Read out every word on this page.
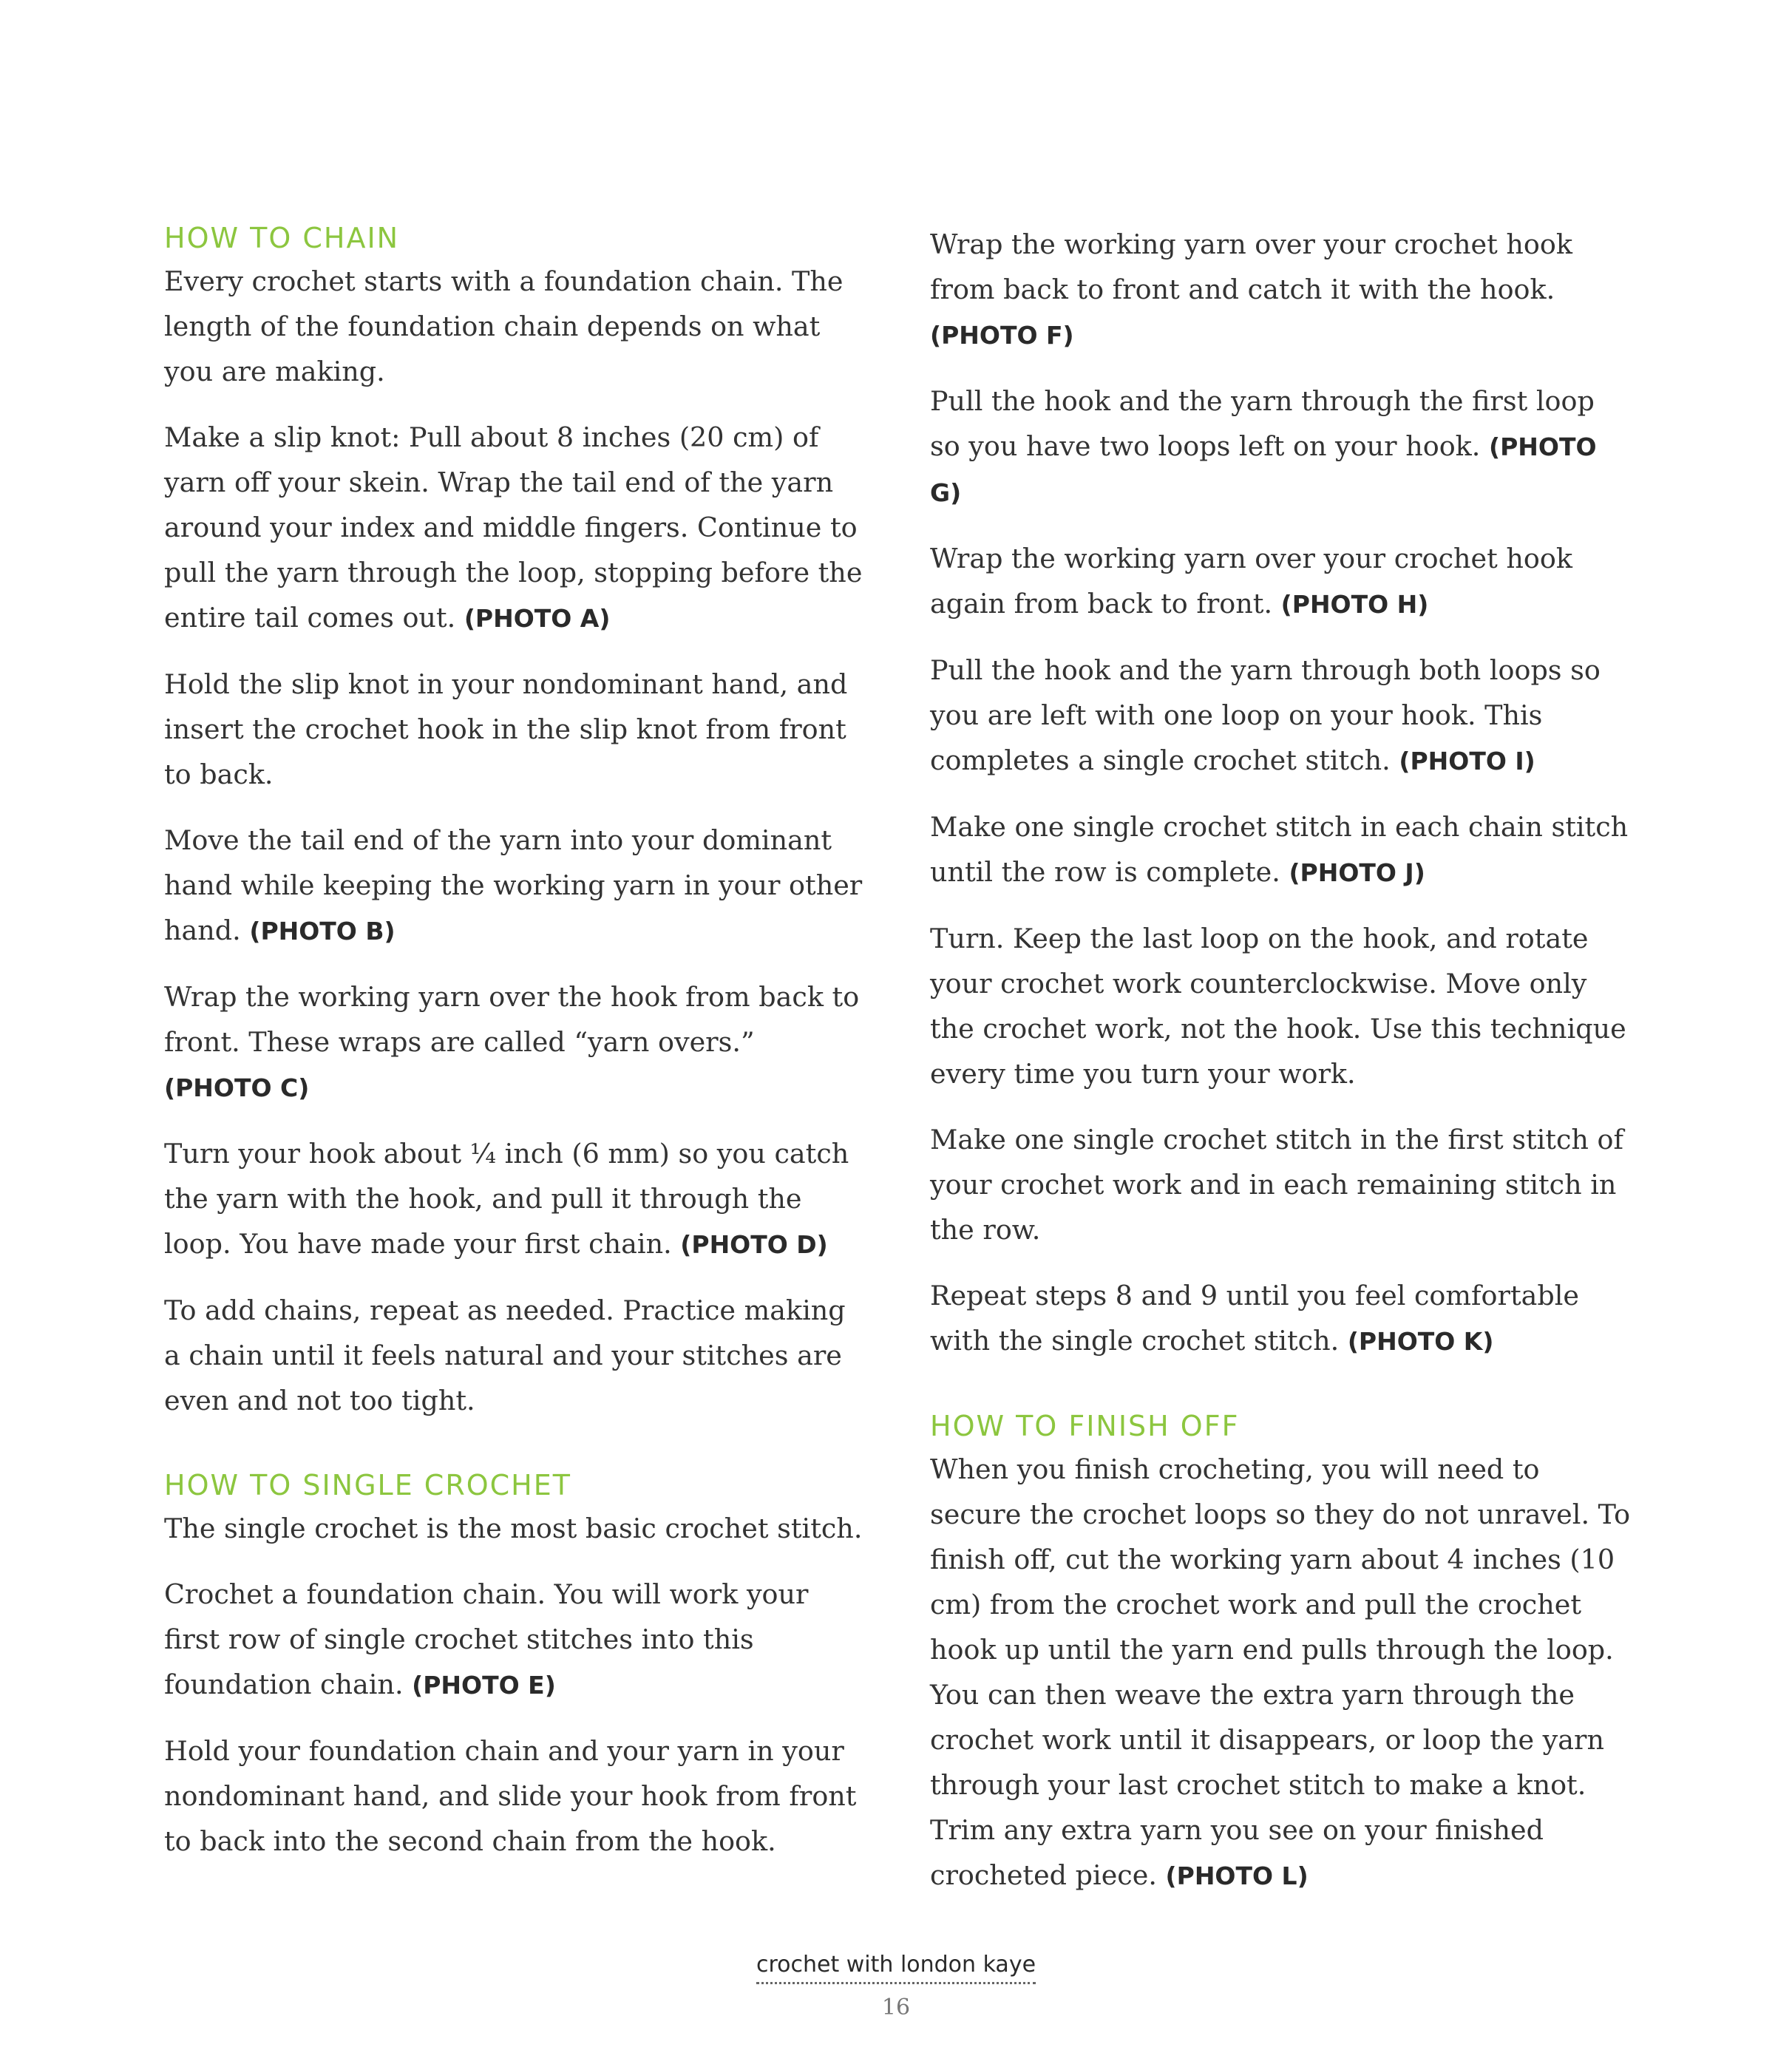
HOW TO CHAIN

Every crochet starts with a foundation chain. The length of the foundation chain depends on what you are making.

Make a slip knot: Pull about 8 inches (20 cm) of yarn off your skein. Wrap the tail end of the yarn around your index and middle fingers. Continue to pull the yarn through the loop, stopping before the entire tail comes out. (PHOTO A)

Hold the slip knot in your nondominant hand, and insert the crochet hook in the slip knot from front to back.

Move the tail end of the yarn into your dominant hand while keeping the working yarn in your other hand. (PHOTO B)

Wrap the working yarn over the hook from back to front. These wraps are called “yarn overs.” (PHOTO C)

Turn your hook about ¼ inch (6 mm) so you catch the yarn with the hook, and pull it through the loop. You have made your first chain. (PHOTO D)

To add chains, repeat as needed. Practice making a chain until it feels natural and your stitches are even and not too tight.

HOW TO SINGLE CROCHET

The single crochet is the most basic crochet stitch.

Crochet a foundation chain. You will work your first row of single crochet stitches into this foundation chain. (PHOTO E)

Hold your foundation chain and your yarn in your nondominant hand, and slide your hook from front to back into the second chain from the hook.

Wrap the working yarn over your crochet hook from back to front and catch it with the hook. (PHOTO F)

Pull the hook and the yarn through the first loop so you have two loops left on your hook. (PHOTO G)

Wrap the working yarn over your crochet hook again from back to front. (PHOTO H)

Pull the hook and the yarn through both loops so you are left with one loop on your hook. This completes a single crochet stitch. (PHOTO I)

Make one single crochet stitch in each chain stitch until the row is complete. (PHOTO J)

Turn. Keep the last loop on the hook, and rotate your crochet work counterclockwise. Move only the crochet work, not the hook. Use this technique every time you turn your work.

Make one single crochet stitch in the first stitch of your crochet work and in each remaining stitch in the row.

Repeat steps 8 and 9 until you feel comfortable with the single crochet stitch. (PHOTO K)

HOW TO FINISH OFF

When you finish crocheting, you will need to secure the crochet loops so they do not unravel. To finish off, cut the working yarn about 4 inches (10 cm) from the crochet work and pull the crochet hook up until the yarn end pulls through the loop. You can then weave the extra yarn through the crochet work until it disappears, or loop the yarn through your last crochet stitch to make a knot. Trim any extra yarn you see on your finished crocheted piece. (PHOTO L)

crochet with london kaye
16
